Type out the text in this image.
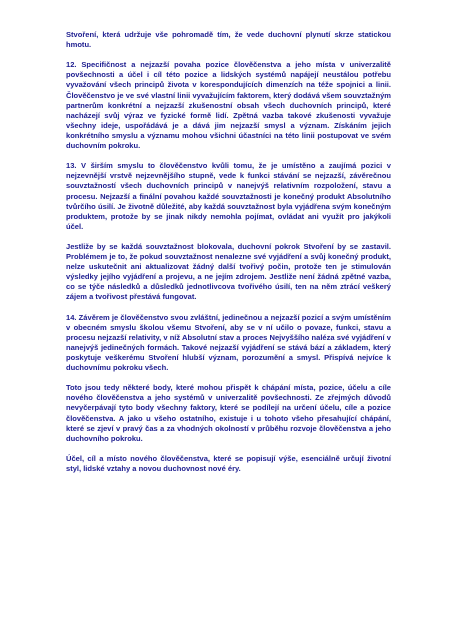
Stvoření, která udržuje vše pohromadě tím, že vede duchovní plynutí skrze statickou hmotu.

12. Specifičnost a nejzazší povaha pozice člověčenstva a jeho místa v univerzalitě povšechnosti a účel i cíl této pozice a lidských systémů napájejí neustálou potřebu vyvažování všech principů života v korespondujících dimenzích na téže spojnici a linii. Člověčenstvo je ve své vlastní linii vyvažujícím faktorem, který dodává všem souvztažným partnerům konkrétní a nejzazší zkušenostní obsah všech duchovních principů, které nacházejí svůj výraz ve fyzické formě lidí. Zpětná vazba takové zkušenosti vyvažuje všechny ideje, uspořádává je a dává jim nejzazší smysl a význam. Získáním jejich konkrétního smyslu a významu mohou všichni účastníci na této linii postupovat ve svém duchovním pokroku.

13. V širším smyslu to člověčenstvo kvůli tomu, že je umístěno a zaujímá pozici v nejzevnější vrstvě nejzevnějšího stupně, vede k funkci stávání se nejzazší, závěrečnou souvztažností všech duchovních principů v nanejvýš relativním rozpoložení, stavu a procesu. Nejzazší a finální povahou každé souvztažnosti je konečný produkt Absolutního tvůrčího úsilí. Je životně důležité, aby každá souvztažnost byla vyjádřena svým konečným produktem, protože by se jinak nikdy nemohla pojímat, ovládat ani využít pro jakýkoli účel.

Jestliže by se každá souvztažnost blokovala, duchovní pokrok Stvoření by se zastavil. Problémem je to, že pokud souvztažnost nenalezne své vyjádření a svůj konečný produkt, nelze uskutečnit ani aktualizovat žádný další tvořivý počin, protože ten je stimulován výsledky jejího vyjádření a projevu, a ne jejím zdrojem. Jestliže není žádná zpětné vazba, co se týče následků a důsledků jednotlivcova tvořivého úsilí, ten na něm ztrácí veškerý zájem a tvořivost přestává fungovat.

14. Závěrem je člověčenstvo svou zvláštní, jedinečnou a nejzazší pozicí a svým umístěním v obecném smyslu školou všemu Stvoření, aby se v ní učilo o povaze, funkci, stavu a procesu nejzazší relativity, v níž Absolutní stav a proces Nejvyššího naléza své vyjádření v nanejvýš jedinečných formách. Takové nejzazší vyjádření se stává bází a základem, který poskytuje veškerému Stvoření hlubší význam, porozumění a smysl. Přispívá nejvíce k duchovnímu pokroku všech.

Toto jsou tedy některé body, které mohou přispět k chápání místa, pozice, účelu a cíle nového člověčenstva a jeho systémů v univerzalitě povšechnosti. Ze zřejmých důvodů nevyčerpávají tyto body všechny faktory, které se podílejí na určení účelu, cíle a pozice člověčenstva. A jako u všeho ostatního, existuje i u tohoto všeho přesahující chápání, které se zjeví v pravý čas a za vhodných okolností v průběhu rozvoje člověčenstva a jeho duchovního pokroku.

Účel, cíl a místo nového člověčenstva, které se popisují výše, esenciálně určují životní styl, lidské vztahy a novou duchovnost nové éry.
